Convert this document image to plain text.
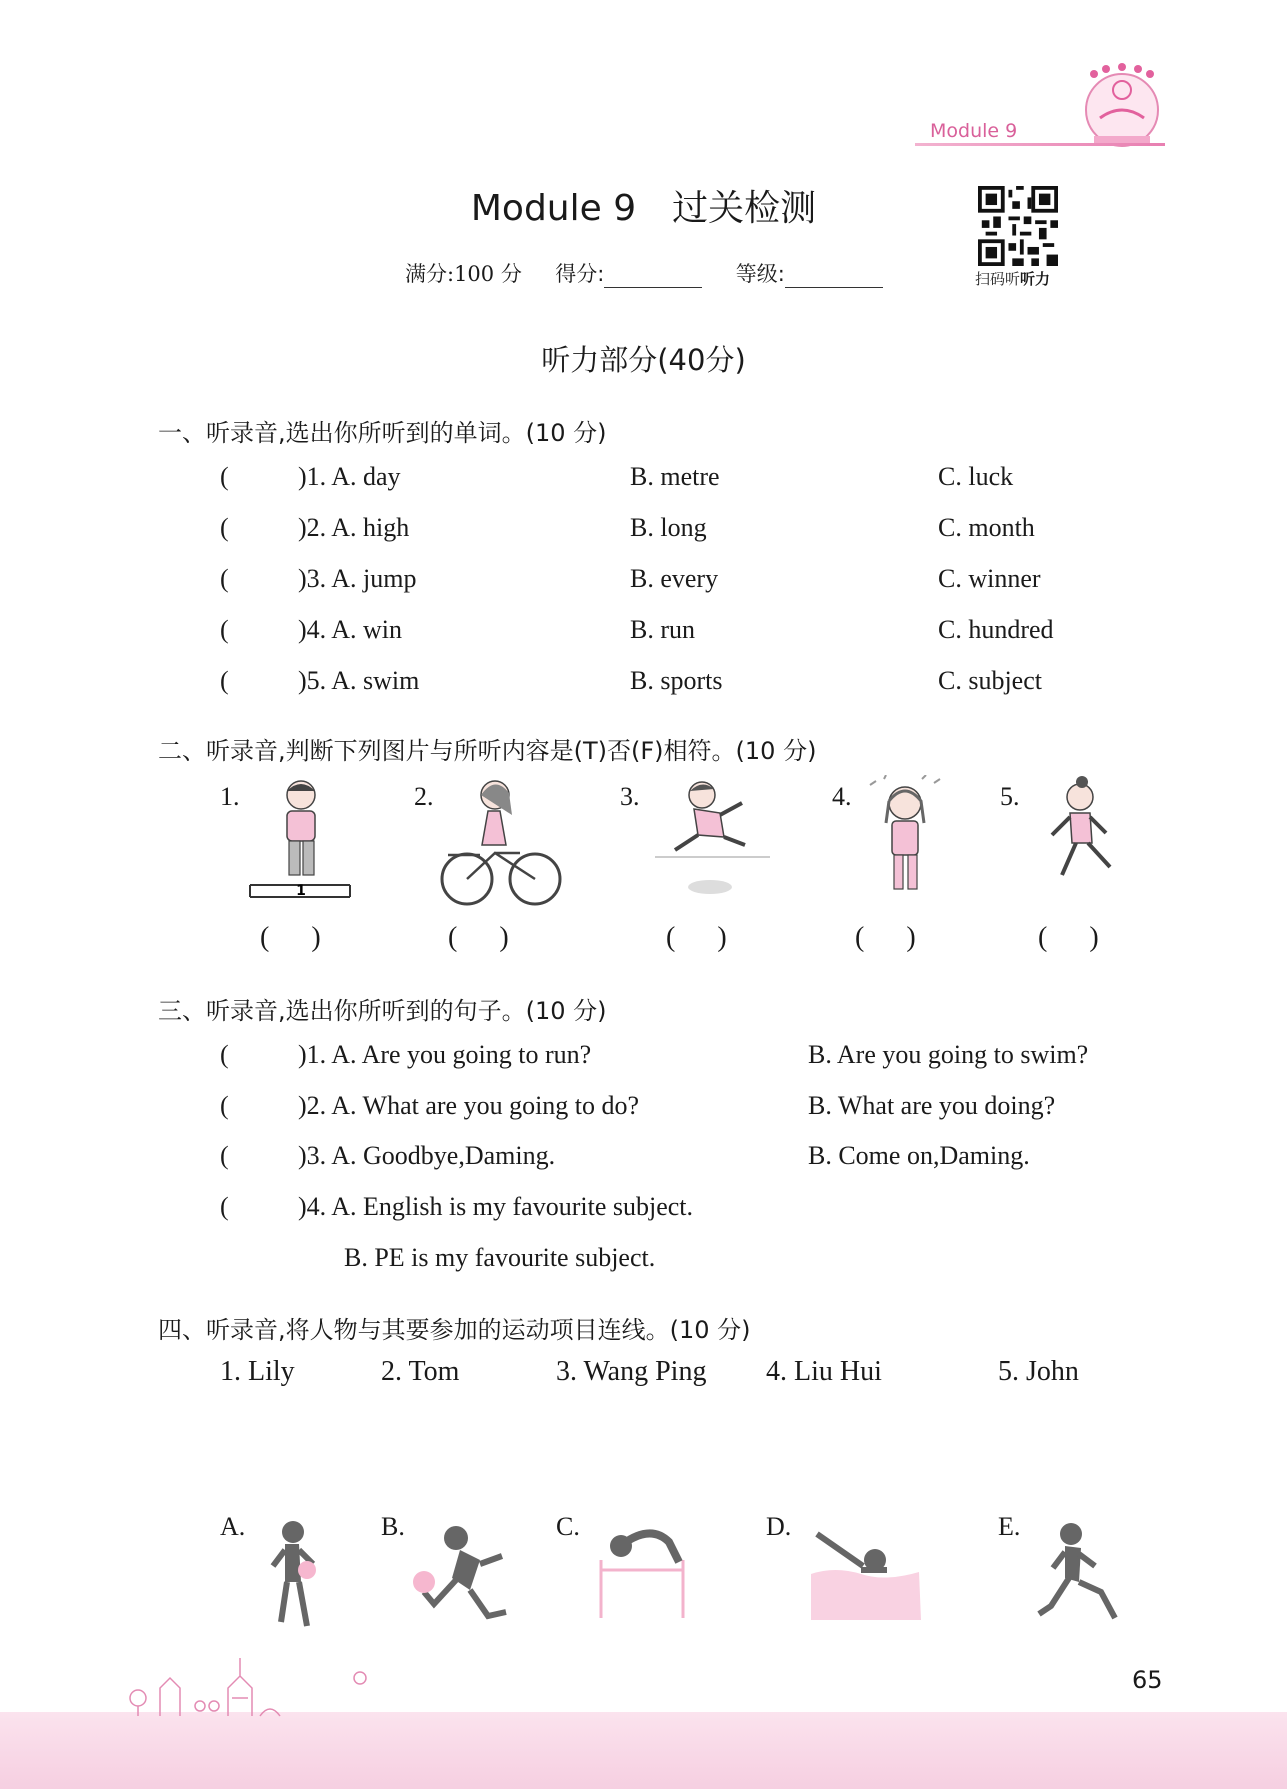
Module 9
Module 9　过关检测
满分:100 分 得分:	等级:	扫码听听力
听力部分(40分)
一、听录音,选出你所听到的单词。(10 分)
(	)1. A. day	B. metre	C. luck
(	)2. A. high	B. long	C. month
(	)3. A. jump	B. every	C. winner
(	)4. A. win	B. run	C. hundred
(	)5. A. swim	B. sports	C. subject
二、听录音,判断下列图片与所听内容是(T)否(F)相符。(10 分)
1.	2.	3.	4.	5.
1
(      )	(      )	(      )	(      )	(      )
三、听录音,选出你所听到的句子。(10 分)
(	)1. A. Are you going to run?	B. Are you going to swim?
(	)2. A. What are you going to do?	B. What are you doing?
(	)3. A. Goodbye,Daming.	B. Come on,Daming.
(	)4. A. English is my favourite subject.
B. PE is my favourite subject.
四、听录音,将人物与其要参加的运动项目连线。(10 分)
1. Lily	2. Tom	3. Wang Ping 4. Liu Hui	5. John
A.	B.	C.	D.	E.
65
